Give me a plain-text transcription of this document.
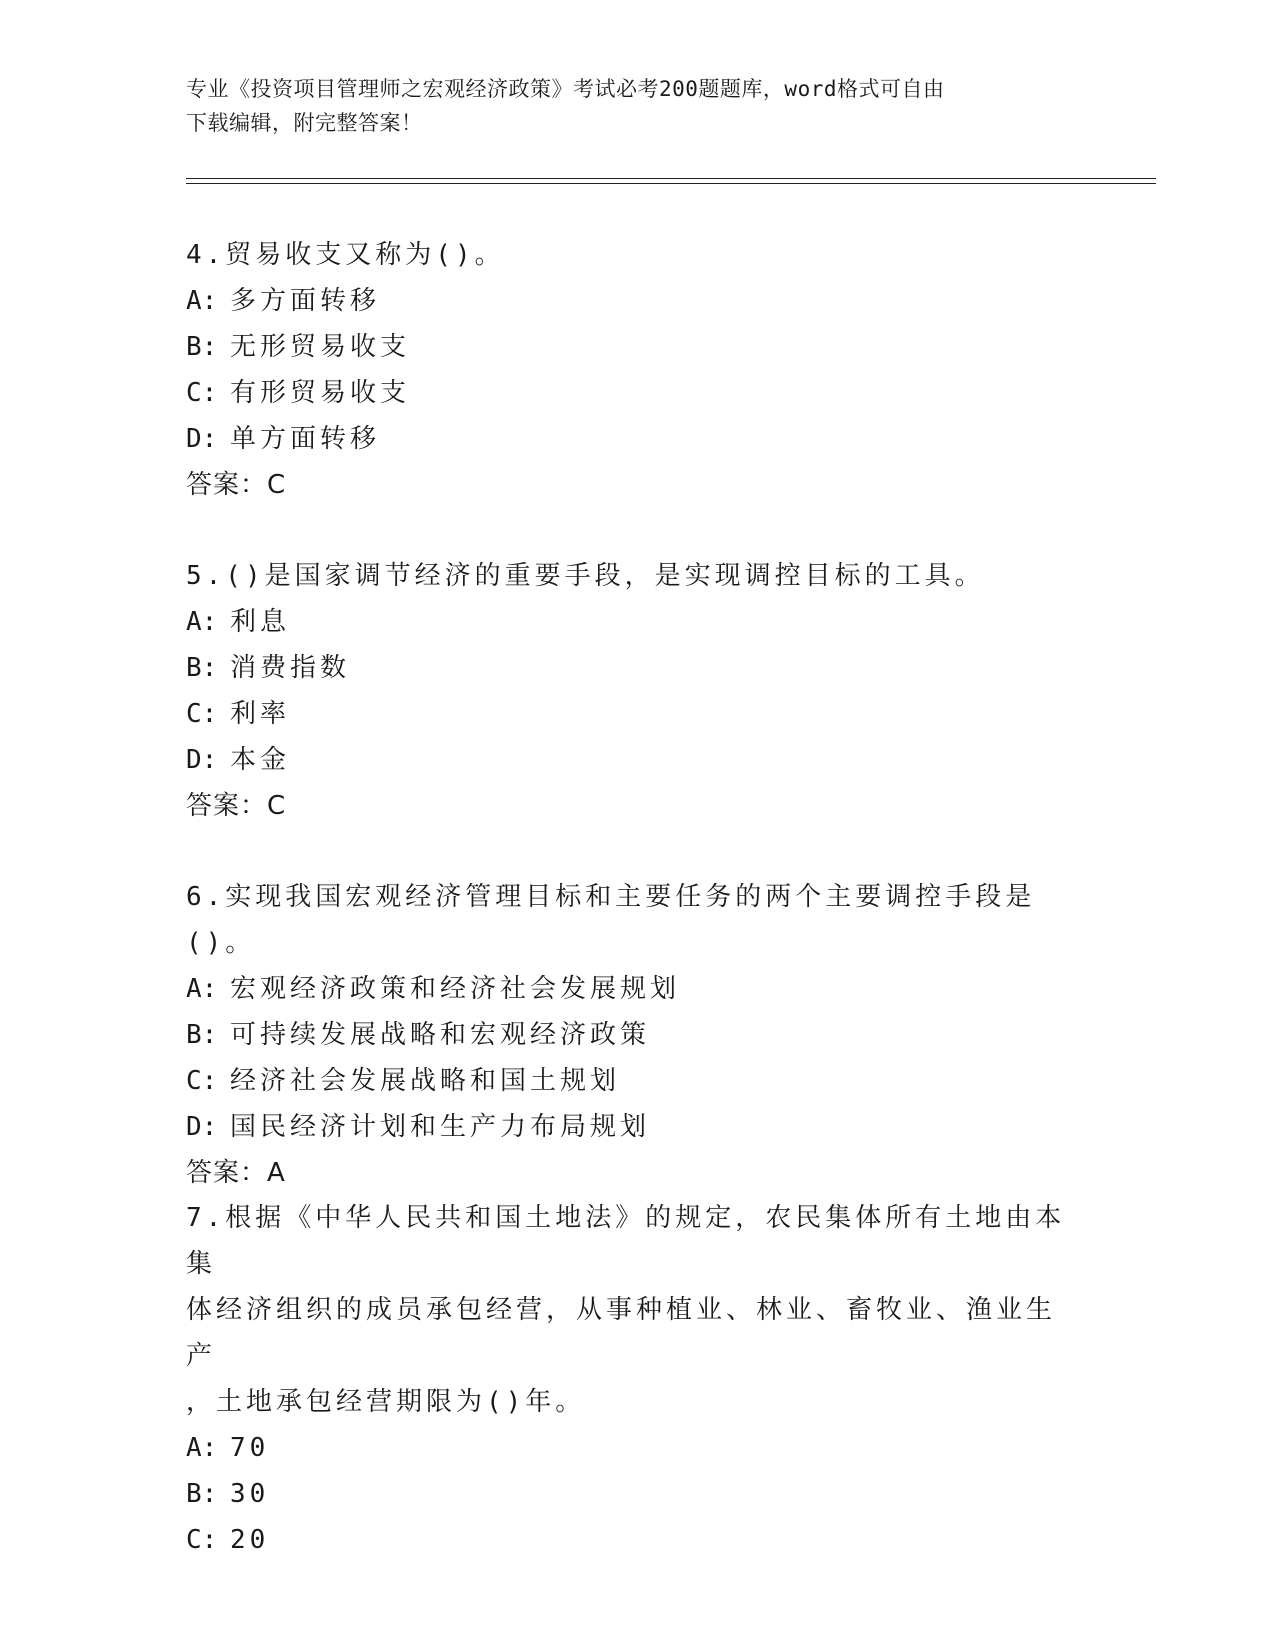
专业《投资项目管理师之宏观经济政策》考试必考200题题库，word格式可自由
下载编辑，附完整答案！

4.贸易收支又称为()。

A: 多方面转移

B: 无形贸易收支

C: 有形贸易收支

D: 单方面转移

答案：C

5.()是国家调节经济的重要手段，是实现调控目标的工具。

A: 利息

B: 消费指数

C: 利率

D: 本金

答案：C

6.实现我国宏观经济管理目标和主要任务的两个主要调控手段是()。

A: 宏观经济政策和经济社会发展规划

B: 可持续发展战略和宏观经济政策

C: 经济社会发展战略和国土规划

D: 国民经济计划和生产力布局规划

答案：A

7.根据《中华人民共和国土地法》的规定，农民集体所有土地由本集

体经济组织的成员承包经营，从事种植业、林业、畜牧业、渔业生产

，土地承包经营期限为()年。

A: 70

B: 30

C: 20
